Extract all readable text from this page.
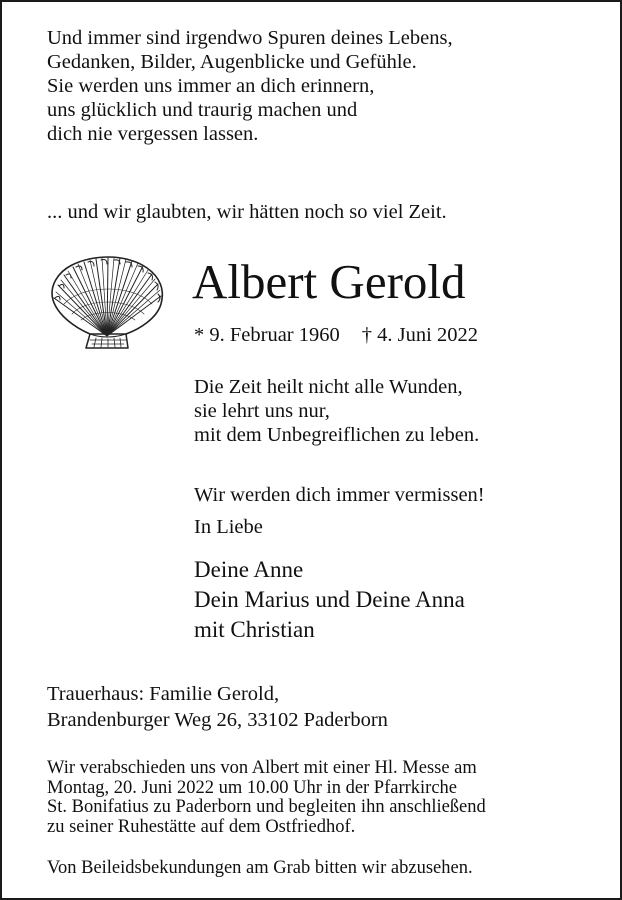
Und immer sind irgendwo Spuren deines Lebens,
Gedanken, Bilder, Augenblicke und Gefühle.
Sie werden uns immer an dich erinnern,
uns glücklich und traurig machen und
dich nie vergessen lassen.
... und wir glaubten, wir hätten noch so viel Zeit.
Albert Gerold
* 9. Februar 1960 † 4. Juni 2022
Die Zeit heilt nicht alle Wunden,
sie lehrt uns nur,
mit dem Unbegreiflichen zu leben.
Wir werden dich immer vermissen!
In Liebe
Deine Anne
Dein Marius und Deine Anna
mit Christian
Trauerhaus: Familie Gerold,
Brandenburger Weg 26, 33102 Paderborn
Wir verabschieden uns von Albert mit einer Hl. Messe am
Montag, 20. Juni 2022 um 10.00 Uhr in der Pfarrkirche
St. Bonifatius zu Paderborn und begleiten ihn anschließend
zu seiner Ruhestätte auf dem Ostfriedhof.
Von Beileidsbekundungen am Grab bitten wir abzusehen.
